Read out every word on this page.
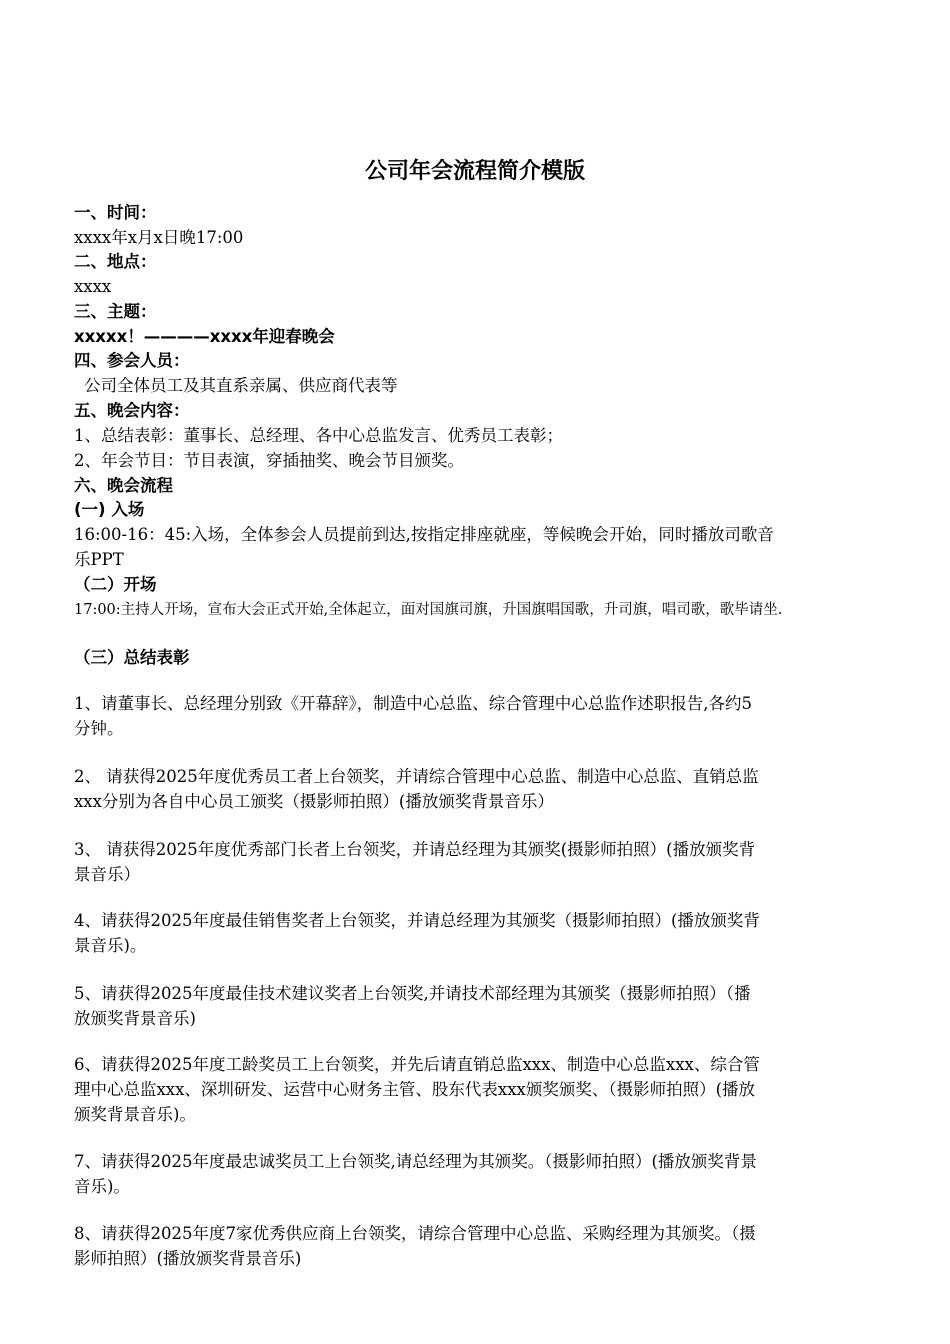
公司年会流程简介模版
一、时间：
xxxx年x月x日晚17:00
二、地点：
xxxx
三、主题：
xxxxx！————xxxx年迎春晚会
四、参会人员：
公司全体员工及其直系亲属、供应商代表等
五、晚会内容：
1、总结表彰：董事长、总经理、各中心总监发言、优秀员工表彰；
2、年会节目：节目表演，穿插抽奖、晚会节目颁奖。
六、晚会流程
(一) 入场
16:00-16：45:入场，全体参会人员提前到达,按指定排座就座，等候晚会开始，同时播放司歌音
乐PPT
（二）开场
17:00:主持人开场，宣布大会正式开始,全体起立，面对国旗司旗，升国旗唱国歌，升司旗，唱司歌，歌毕请坐.
（三）总结表彰
1、请董事长、总经理分别致《开幕辞》，制造中心总监、综合管理中心总监作述职报告,各约5
分钟。
2、 请获得2025年度优秀员工者上台领奖，并请综合管理中心总监、制造中心总监、直销总监
xxx分别为各自中心员工颁奖（摄影师拍照）(播放颁奖背景音乐）
3、 请获得2025年度优秀部门长者上台领奖，并请总经理为其颁奖(摄影师拍照）(播放颁奖背
景音乐）
4、请获得2025年度最佳销售奖者上台领奖，并请总经理为其颁奖（摄影师拍照）(播放颁奖背
景音乐)。
5、请获得2025年度最佳技术建议奖者上台领奖,并请技术部经理为其颁奖（摄影师拍照）（播
放颁奖背景音乐)
6、请获得2025年度工龄奖员工上台领奖，并先后请直销总监xxx、制造中心总监xxx、综合管
理中心总监xxx、深圳研发、运营中心财务主管、股东代表xxx颁奖颁奖、（摄影师拍照）(播放
颁奖背景音乐)。
7、请获得2025年度最忠诚奖员工上台领奖,请总经理为其颁奖。（摄影师拍照）(播放颁奖背景
音乐)。
8、请获得2025年度7家优秀供应商上台领奖，请综合管理中心总监、采购经理为其颁奖。（摄
影师拍照）(播放颁奖背景音乐)
